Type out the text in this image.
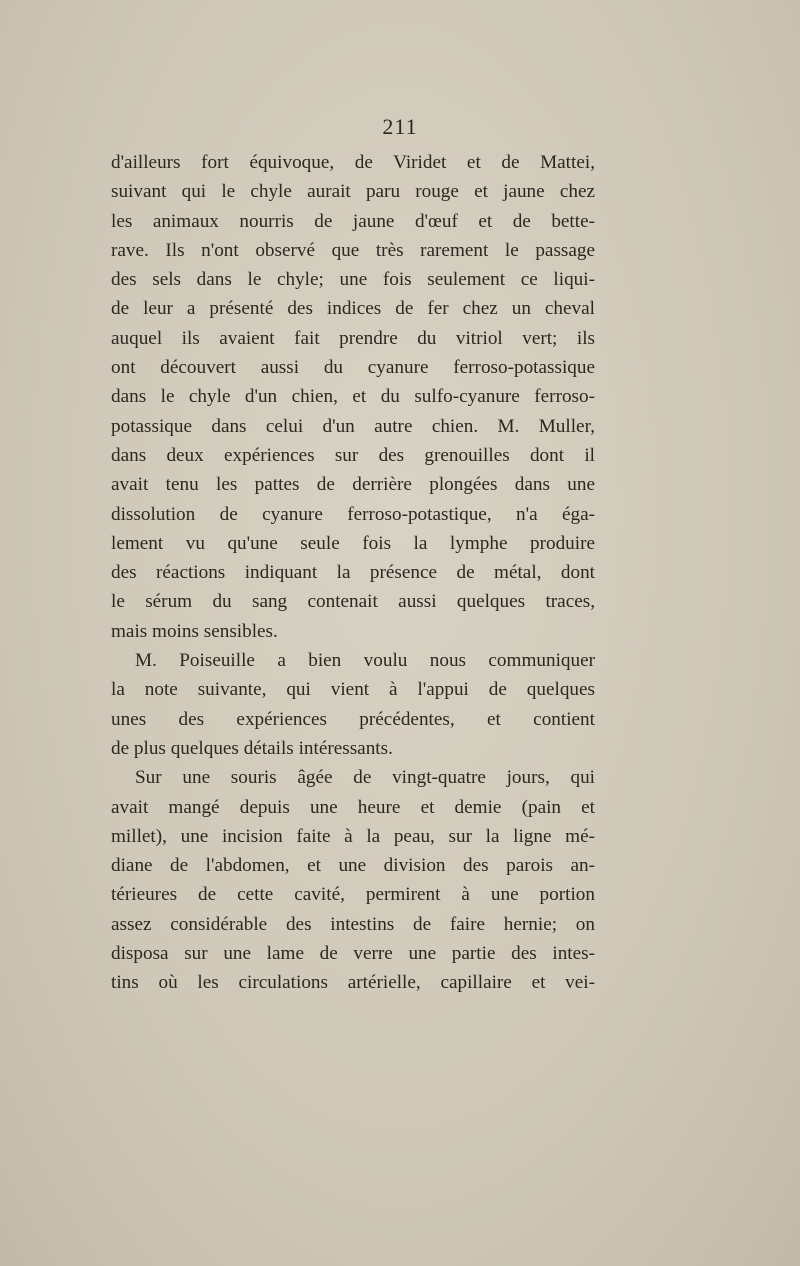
211
d'ailleurs fort équivoque, de Viridet et de Mattei,
suivant qui le chyle aurait paru rouge et jaune chez
les animaux nourris de jaune d'œuf et de bette-
rave. Ils n'ont observé que très rarement le passage
des sels dans le chyle; une fois seulement ce liqui-
de leur a présenté des indices de fer chez un cheval
auquel ils avaient fait prendre du vitriol vert; ils
ont découvert aussi du cyanure ferroso-potassique
dans le chyle d'un chien, et du sulfo-cyanure ferroso-
potassique dans celui d'un autre chien. M. Muller,
dans deux expériences sur des grenouilles dont il
avait tenu les pattes de derrière plongées dans une
dissolution de cyanure ferroso-potastique, n'a éga-
lement vu qu'une seule fois la lymphe produire
des réactions indiquant la présence de métal, dont
le sérum du sang contenait aussi quelques traces,
mais moins sensibles.
M. Poiseuille a bien voulu nous communiquer
la note suivante, qui vient à l'appui de quelques
unes des expériences précédentes, et contient
de plus quelques détails intéressants.
Sur une souris âgée de vingt-quatre jours, qui
avait mangé depuis une heure et demie (pain et
millet), une incision faite à la peau, sur la ligne mé-
diane de l'abdomen, et une division des parois an-
térieures de cette cavité, permirent à une portion
assez considérable des intestins de faire hernie; on
disposa sur une lame de verre une partie des intes-
tins où les circulations artérielle, capillaire et vei-
